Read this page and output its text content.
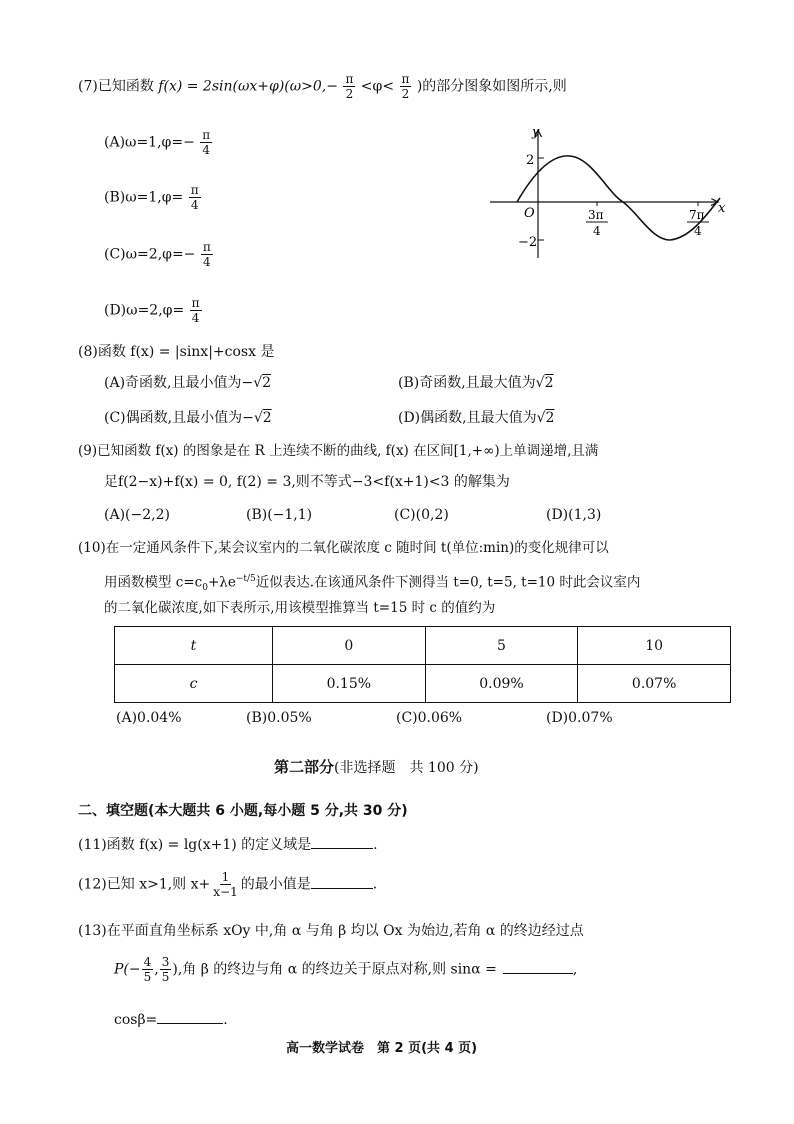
(7)已知函数 $f(x) = 2\sin(\omega x+\varphi)(\omega>0,- \frac{\pi}{2} <\varphi< \frac{\pi}{2}$ )的部分图象如图所示,则
$(A)\omega=1,\varphi=- \frac{\pi}{4}$
$(B)\omega=1,\varphi= \frac{\pi}{4}$
$(C)\omega=2,\varphi=- \frac{\pi}{4}$
$(D)\omega=2,\varphi= \frac{\pi}{4}$
y
x
O
2
−2
3π
4
7π
4
(8)函数 f(x) = |sinx|+cosx 是
(A)奇函数,且最小值为−√2	(B)奇函数,且最大值为√2
(C)偶函数,且最小值为−√2	(D)偶函数,且最大值为√2
(9)已知函数 f(x) 的图象是在 R 上连续不断的曲线, f(x) 在区间[1,+∞)上单调递增,且满
足f(2−x)+f(x) = 0, f(2) = 3,则不等式−3<f(x+1)<3 的解集为
(A)(−2,2)	(B)(−1,1)	(C)(0,2)	(D)(1,3)
(10)在一定通风条件下,某会议室内的二氧化碳浓度 c 随时间 t(单位:min)的变化规律可以
用函数模型 $c=c_0+\lambda e^{-t/5}$近似表达.在该通风条件下测得当 t=0, t=5, t=10 时此会议室内
的二氧化碳浓度,如下表所示,用该模型推算当 t=15 时 c 的值约为
t	0	5	10
c	0.15%	0.09%	0.07%
(A)0.04%	(B)0.05%	(C)0.06%	(D)0.07%
第二部分(非选择题　共 100 分)
二、填空题(本大题共 6 小题,每小题 5 分,共 30 分)
(11)函数 f(x) = lg(x+1) 的定义域是	.
(12)已知 x>1,则 $x+ \frac{1}{x-1}$ 的最小值是	.
(13)在平面直角坐标系 xOy 中,角 α 与角 β 均以 Ox 为始边,若角 α 的终边经过点
$P(- \frac{4}{5}$ , $\frac{3}{5}$ ),角 β 的终边与角 α 的终边关于原点对称,则 sinα =	,
cosβ=	.
高一数学试卷　第 2 页(共 4 页)
